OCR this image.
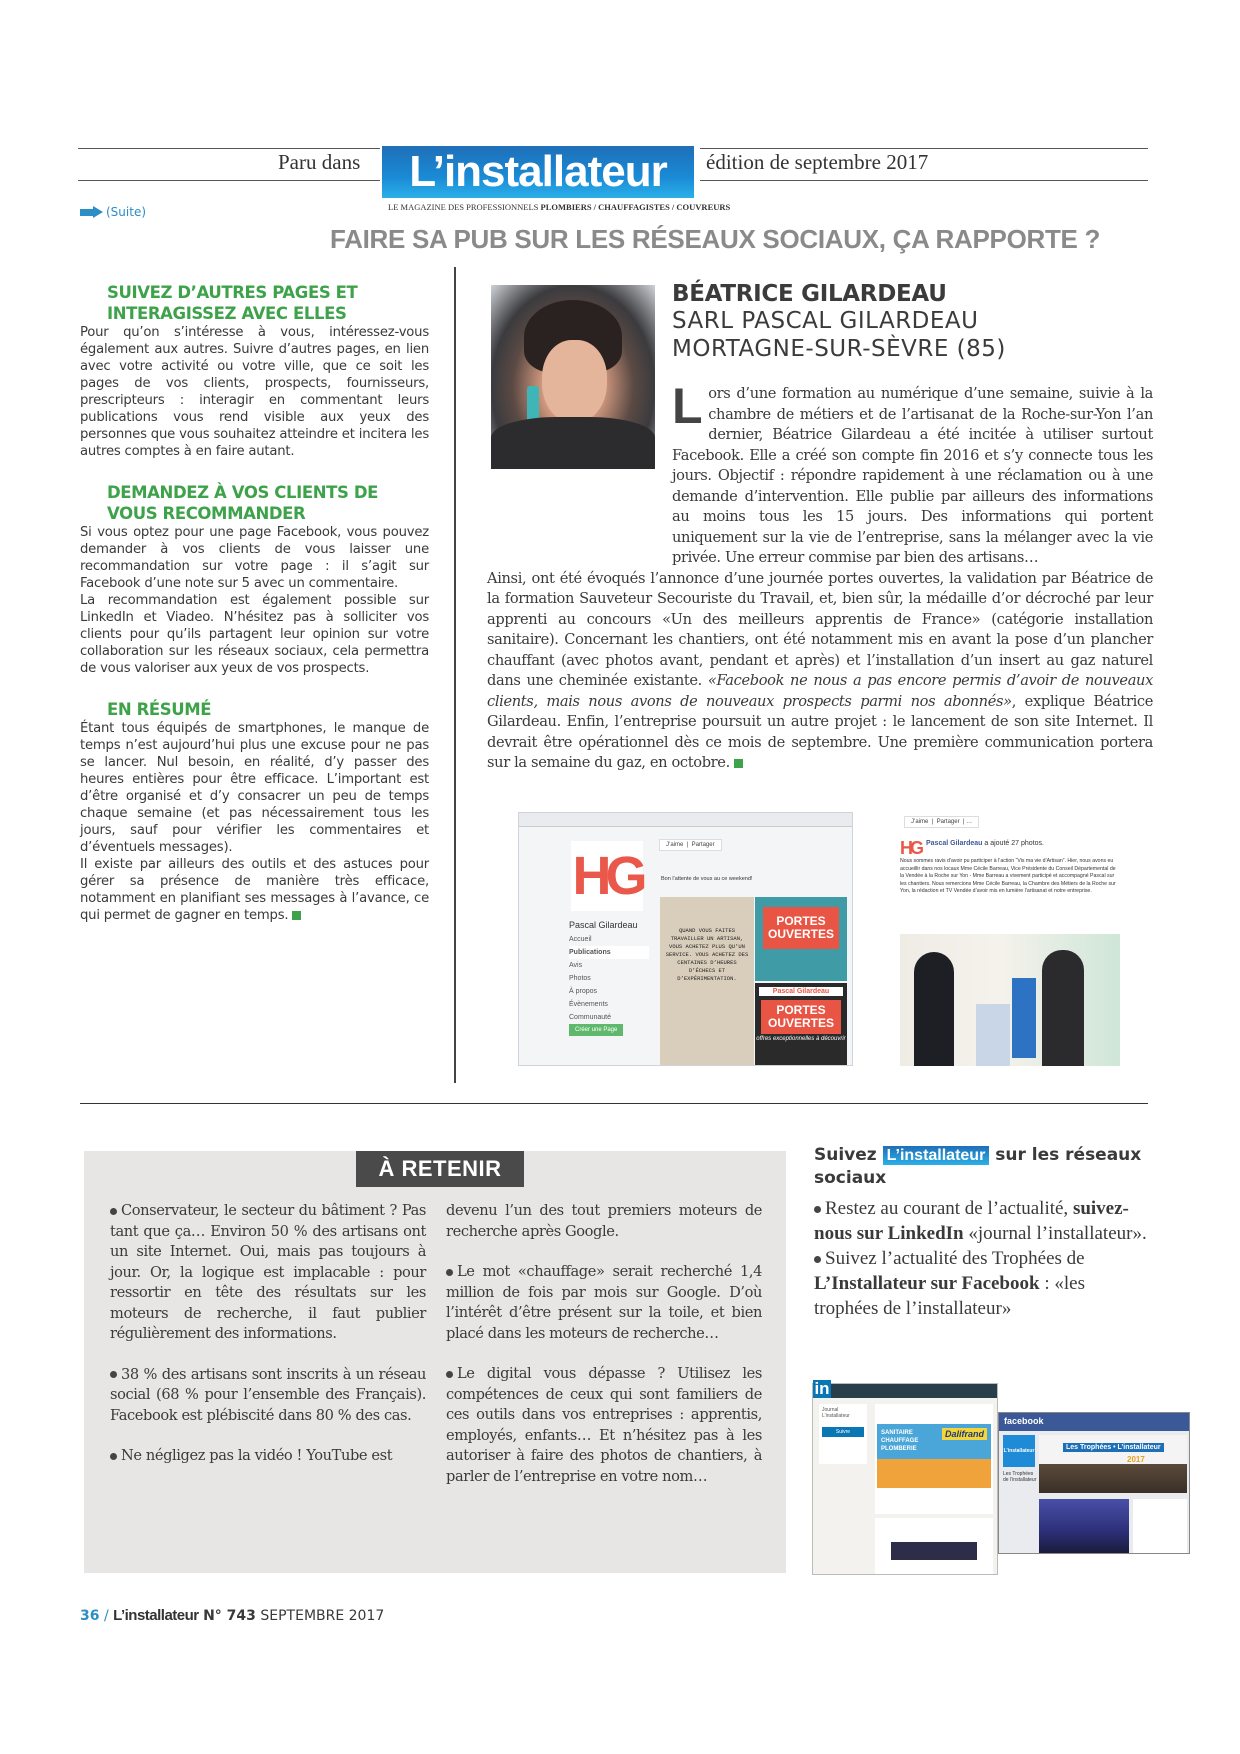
Paru dans L’installateur
LE MAGAZINE DES PROFESSIONNELS PLOMBIERS / CHAUFFAGISTES / COUVREURS
édition de septembre 2017
(Suite)
FAIRE SA PUB SUR LES RÉSEAUX SOCIAUX, ÇA RAPPORTE ?
SUIVEZ D’AUTRES PAGES ET INTERAGISSEZ AVEC ELLES
Pour qu’on s’intéresse à vous, intéressez-vous également aux autres. Suivre d’autres pages, en lien avec votre activité ou votre ville, que ce soit les pages de vos clients, prospects, fournisseurs, prescripteurs : interagir en commentant leurs publications vous rend visible aux yeux des personnes que vous souhaitez atteindre et incitera les autres comptes à en faire autant.
DEMANDEZ À VOS CLIENTS DE VOUS RECOMMANDER
Si vous optez pour une page Facebook, vous pouvez demander à vos clients de vous laisser une recommandation sur votre page : il s’agit sur Facebook d’une note sur 5 avec un commentaire.
La recommandation est également possible sur LinkedIn et Viadeo. N’hésitez pas à solliciter vos clients pour qu’ils partagent leur opinion sur votre collaboration sur les réseaux sociaux, cela permettra de vous valoriser aux yeux de vos prospects.
EN RÉSUMÉ
Étant tous équipés de smartphones, le manque de temps n’est aujourd’hui plus une excuse pour ne pas se lancer. Nul besoin, en réalité, d’y passer des heures entières pour être efficace. L’important est d’être organisé et d’y consacrer un peu de temps chaque semaine (et pas nécessairement tous les jours, sauf pour vérifier les commentaires et d’éventuels messages).
Il existe par ailleurs des outils et des astuces pour gérer sa présence de manière très efficace, notamment en planifiant ses messages à l’avance, ce qui permet de gagner en temps.
BÉATRICE GILARDEAU
SARL PASCAL GILARDEAU
MORTAGNE-SUR-SÈVRE (85)
Lors d’une formation au numérique d’une semaine, suivie à la chambre de métiers et de l’artisanat de la Roche-sur-Yon l’an dernier, Béatrice Gilardeau a été incitée à utiliser surtout Facebook. Elle a créé son compte fin 2016 et s’y connecte tous les jours. Objectif : répondre rapidement à une réclamation ou à une demande d’intervention. Elle publie par ailleurs des informations au moins tous les 15 jours. Des informations qui portent uniquement sur la vie de l’entreprise, sans la mélanger avec la vie privée. Une erreur commise par bien des artisans…
Ainsi, ont été évoqués l’annonce d’une journée portes ouvertes, la validation par Béatrice de la formation Sauveteur Secouriste du Travail, et, bien sûr, la médaille d’or décroché par leur apprenti au concours «Un des meilleurs apprentis de France» (catégorie installation sanitaire). Concernant les chantiers, ont été notamment mis en avant la pose d’un plancher chauffant (avec photos avant, pendant et après) et l’installation d’un insert au gaz naturel dans une cheminée existante. «Facebook ne nous a pas encore permis d’avoir de nouveaux clients, mais nous avons de nouveaux prospects parmi nos abonnés», explique Béatrice Gilardeau. Enfin, l’entreprise poursuit un autre projet : le lancement de son site Internet. Il devrait être opérationnel dès ce mois de septembre. Une première communication portera sur la semaine du gaz, en octobre.
HG
Pascal Gilardeau
Accueil
Publications
Avis
Photos
À propos
Évènements
Communauté
Créer une Page
J’aime  |  Partager
Bon l’attente de vous au ce weekend!
QUAND VOUS FAITES TRAVAILLER UN ARTISAN, VOUS ACHETEZ PLUS QU’UN SERVICE. VOUS ACHETEZ DES CENTAINES D’HEURES D’ÉCHECS ET D’EXPÉRIMENTATION.
PORTES OUVERTES
Pascal Gilardeau
PORTES OUVERTES
offres exceptionnelles à découvrir
J’aime  |  Partager  | …
HG Pascal Gilardeau a ajouté 27 photos.
Nous sommes ravis d’avoir pu participer à l’action “Vis ma vie d’Artisan”. Hier, nous avons eu accueillir dans nos locaux Mme Cécile Barreau, Vice Présidente du Conseil Départemental de la Vendée à la Roche sur Yon - Mme Barreau a vivement participé et accompagné Pascal sur les chantiers. Nous remercions Mme Cécile Barreau, la Chambre des Métiers de la Roche sur Yon, la rédaction et TV Vendée d’avoir mis en lumière l’artisanat et notre entreprise.
À RETENIR

Conservateur, le secteur du bâtiment ? Pas tant que ça… Environ 50 % des artisans ont un site Internet. Oui, mais pas toujours à jour. Or, la logique est implacable : pour ressortir en tête des résultats sur les moteurs de recherche, il faut publier régulièrement des informations.

38 % des artisans sont inscrits à un réseau social (68 % pour l’ensemble des Français). Facebook est plébiscité dans 80 % des cas.

Ne négligez pas la vidéo ! YouTube est

devenu l’un des tout premiers moteurs de recherche après Google.

Le mot «chauffage» serait recherché 1,4 million de fois par mois sur Google. D’où l’intérêt d’être présent sur la toile, et bien placé dans les moteurs de recherche…

Le digital vous dépasse ? Utilisez les compétences de ceux qui sont familiers de ces outils dans vos entreprises : apprentis, employés, enfants… Et n’hésitez pas à les autoriser à faire des photos de chantiers, à parler de l’entreprise en votre nom…

Suivez L’installateur sur les réseaux sociaux
Restez au courant de l’actualité, suivez-nous sur LinkedIn «journal l’installateur».
Suivez l’actualité des Trophées de L’Installateur sur Facebook : «les trophées de l’installateur»
Journal L’installateur
Suivre	Dalifrand
SANITAIRE
CHAUFFAGE
PLOMBERIE
in
facebook
L’installateur
Les Trophées de l’installateur
Les Trophées • L’installateur
2017
36 / L’installateur N° 743 SEPTEMBRE 2017
